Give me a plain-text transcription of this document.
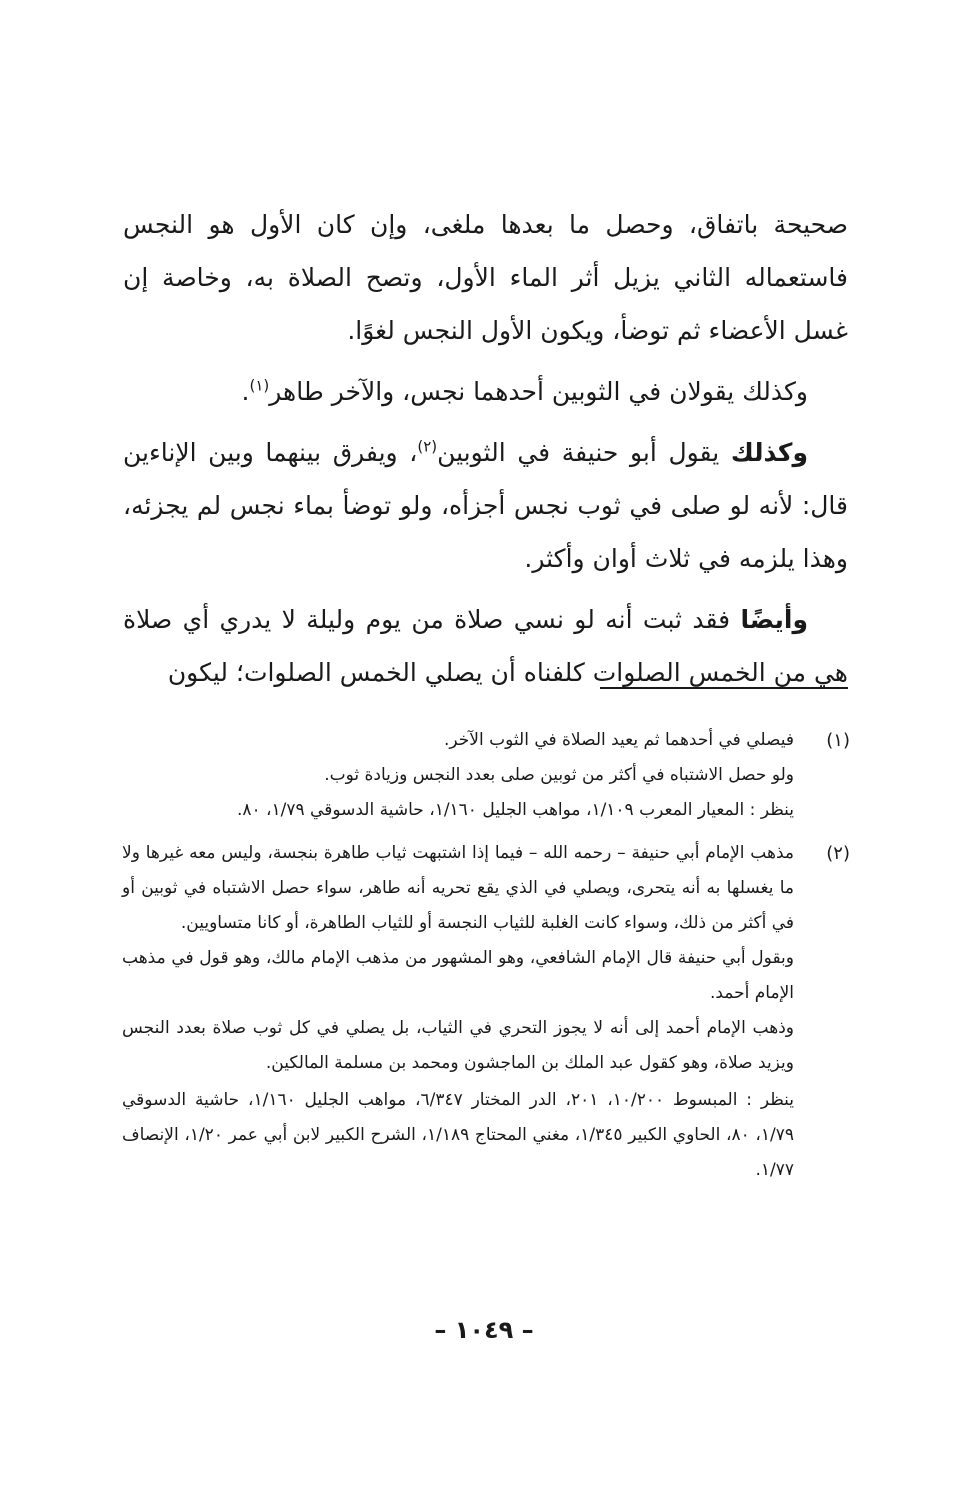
صحيحة باتفاق، وحصل ما بعدها ملغى، وإن كان الأول هو النجس فاستعماله الثاني يزيل أثر الماء الأول، وتصح الصلاة به، وخاصة إن غسل الأعضاء ثم توضأ، ويكون الأول النجس لغوًا.

وكذلك يقولان في الثوبين أحدهما نجس، والآخر طاهر$^{(١)}$.

وكذلك يقول أبو حنيفة في الثوبين$^{(٢)}$، ويفرق بينهما وبين الإناءين قال: لأنه لو صلى في ثوب نجس أجزأه، ولو توضأ بماء نجس لم يجزئه، وهذا يلزمه في ثلاث أوان وأكثر.

وأيضًا فقد ثبت أنه لو نسي صلاة من يوم وليلة لا يدري أي صلاة هي من الخمس الصلوات كلفناه أن يصلي الخمس الصلوات؛ ليكون

(١)

فيصلي في أحدهما ثم يعيد الصلاة في الثوب الآخر.

ولو حصل الاشتباه في أكثر من ثوبين صلى بعدد النجس وزيادة ثوب.

ينظر : المعيار المعرب ١/١٠٩، مواهب الجليل ١/١٦٠، حاشية الدسوقي ١/٧٩، ٨٠.

(٢)

مذهب الإمام أبي حنيفة – رحمه الله – فيما إذا اشتبهت ثياب طاهرة بنجسة، وليس معه غيرها ولا ما يغسلها به أنه يتحرى، ويصلي في الذي يقع تحريه أنه طاهر، سواء حصل الاشتباه في ثوبين أو في أكثر من ذلك، وسواء كانت الغلبة للثياب النجسة أو للثياب الطاهرة، أو كانا متساويين.

وبقول أبي حنيفة قال الإمام الشافعي، وهو المشهور من مذهب الإمام مالك، وهو قول في مذهب الإمام أحمد.

وذهب الإمام أحمد إلى أنه لا يجوز التحري في الثياب، بل يصلي في كل ثوب صلاة بعدد النجس ويزيد صلاة، وهو كقول عبد الملك بن الماجشون ومحمد بن مسلمة المالكين.

ينظر : المبسوط ١٠/٢٠٠، ٢٠١، الدر المختار ٦/٣٤٧، مواهب الجليل ١/١٦٠، حاشية الدسوقي ١/٧٩، ٨٠، الحاوي الكبير ١/٣٤٥، مغني المحتاج ١/١٨٩، الشرح الكبير لابن أبي عمر ١/٢٠، الإنصاف ١/٧٧.

– ١٠٤٩ –
